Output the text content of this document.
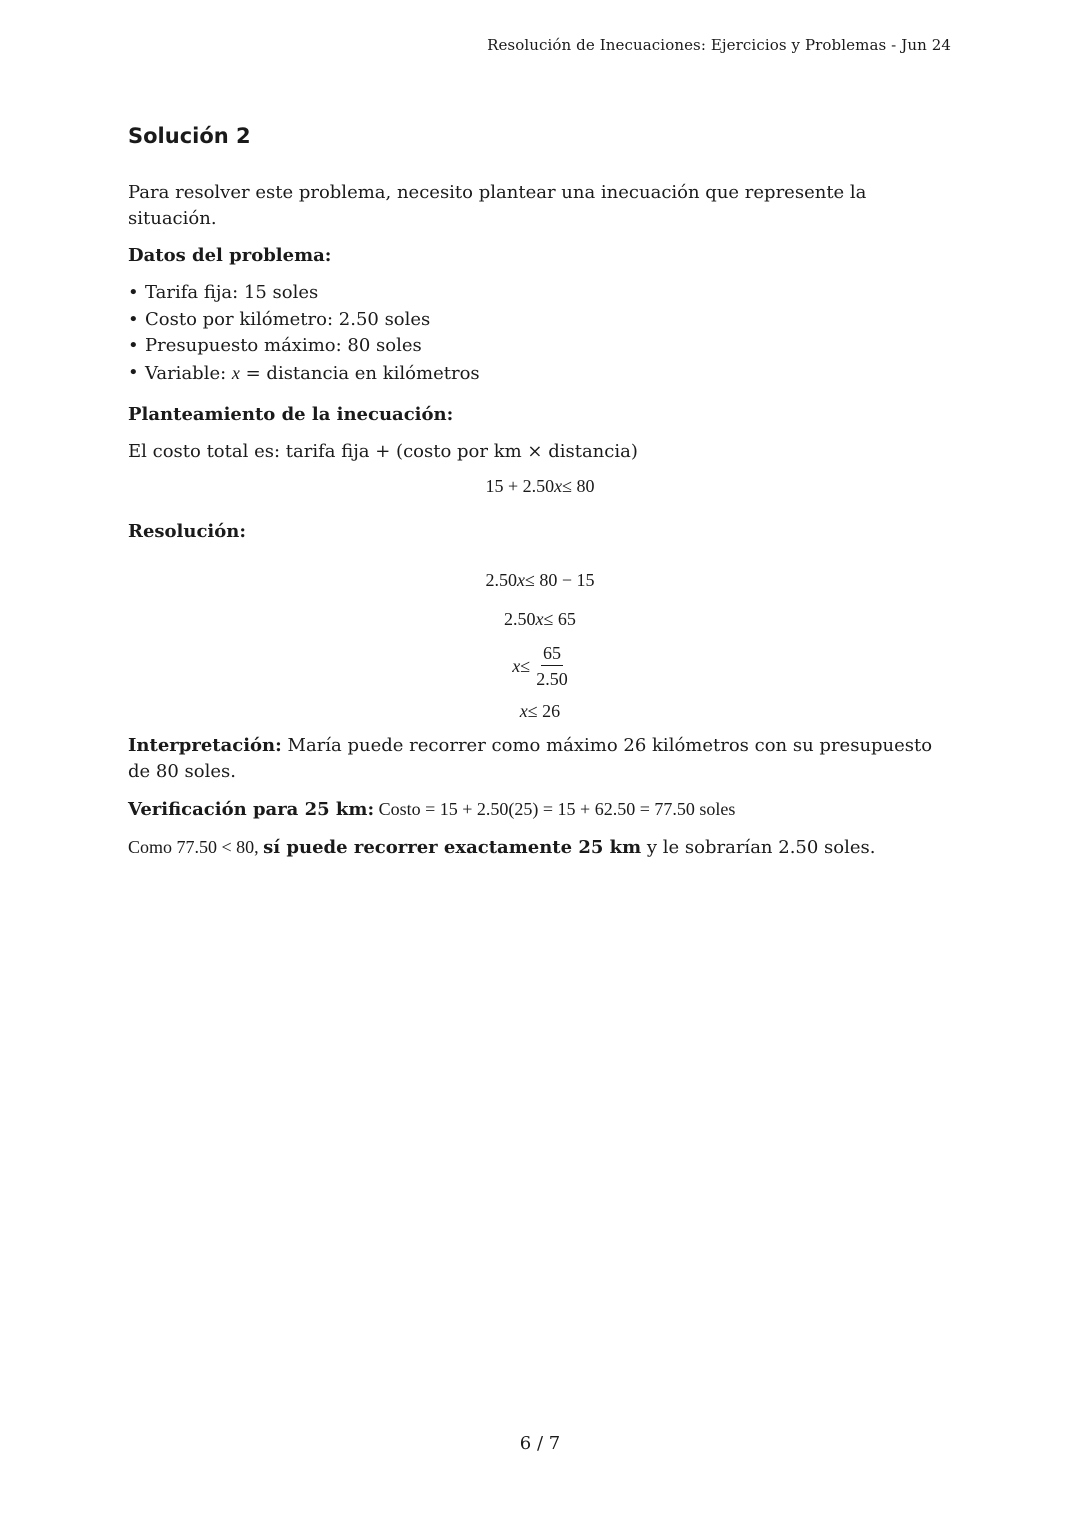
Resolución de Inecuaciones: Ejercicios y Problemas - Jun 24
Solución 2

Para resolver este problema, necesito plantear una inecuación que represente la situación.

Datos del problema:

• Tarifa fija: 15 soles
• Costo por kilómetro: 2.50 soles
• Presupuesto máximo: 80 soles
• Variable: x = distancia en kilómetros

Planteamiento de la inecuación:

El costo total es: tarifa fija + (costo por km × distancia)

15 + 2.50 x ≤ 80

Resolución:

2.50 x ≤ 80 − 15
2.50 x ≤ 65
$x \le \frac{65}{2.50}$
x ≤ 26

Interpretación: María puede recorrer como máximo 26 kilómetros con su presupuesto de 80 soles.

Verificación para 25 km: Costo = 15 + 2.50(25) = 15 + 62.50 = 77.50 soles

Como 77.50 < 80, sí puede recorrer exactamente 25 km y le sobrarían 2.50 soles.

6 / 7
